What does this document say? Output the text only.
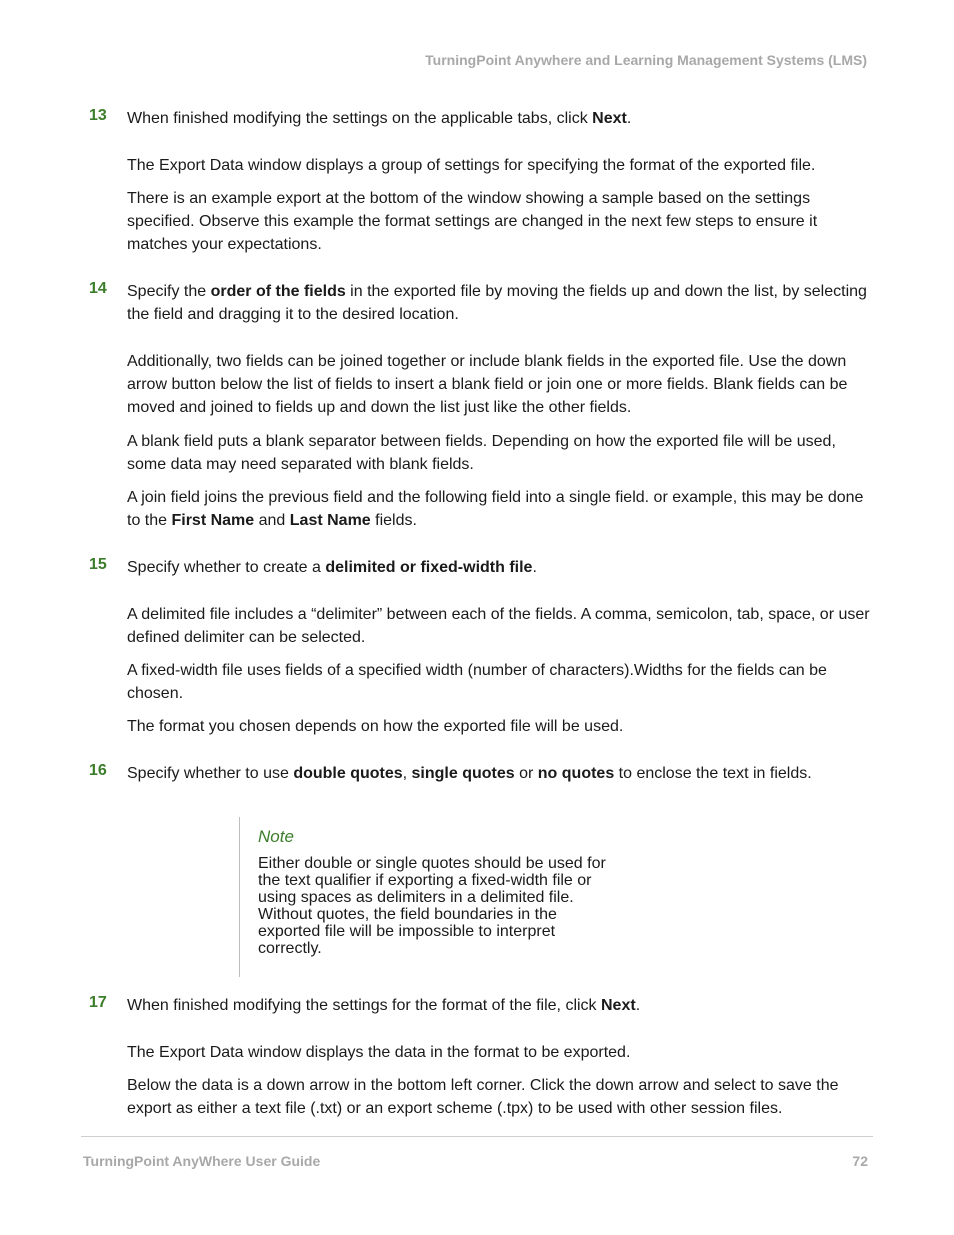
TurningPoint Anywhere and Learning Management Systems (LMS)
13 When finished modifying the settings on the applicable tabs, click Next.

The Export Data window displays a group of settings for specifying the format of the exported file.

There is an example export at the bottom of the window showing a sample based on the settings specified. Observe this example the format settings are changed in the next few steps to ensure it matches your expectations.

14 Specify the order of the fields in the exported file by moving the fields up and down the list, by selecting the field and dragging it to the desired location.

Additionally, two fields can be joined together or include blank fields in the exported file. Use the down arrow button below the list of fields to insert a blank field or join one or more fields. Blank fields can be moved and joined to fields up and down the list just like the other fields.

A blank field puts a blank separator between fields. Depending on how the exported file will be used, some data may need separated with blank fields.

A join field joins the previous field and the following field into a single field. or example, this may be done to the First Name and Last Name fields.

15 Specify whether to create a delimited or fixed-width file.

A delimited file includes a “delimiter” between each of the fields. A comma, semicolon, tab, space, or user defined delimiter can be selected.

A fixed-width file uses fields of a specified width (number of characters).Widths for the fields can be chosen.

The format you chosen depends on how the exported file will be used.

16 Specify whether to use double quotes, single quotes or no quotes to enclose the text in fields.
Note
Either double or single quotes should be used for the text qualifier if exporting a fixed-width file or using spaces as delimiters in a delimited file. Without quotes, the field boundaries in the exported file will be impossible to interpret correctly.
17 When finished modifying the settings for the format of the file, click Next.

The Export Data window displays the data in the format to be exported.

Below the data is a down arrow in the bottom left corner. Click the down arrow and select to save the export as either a text file (.txt) or an export scheme (.tpx) to be used with other session files.

TurningPoint AnyWhere User Guide	72
